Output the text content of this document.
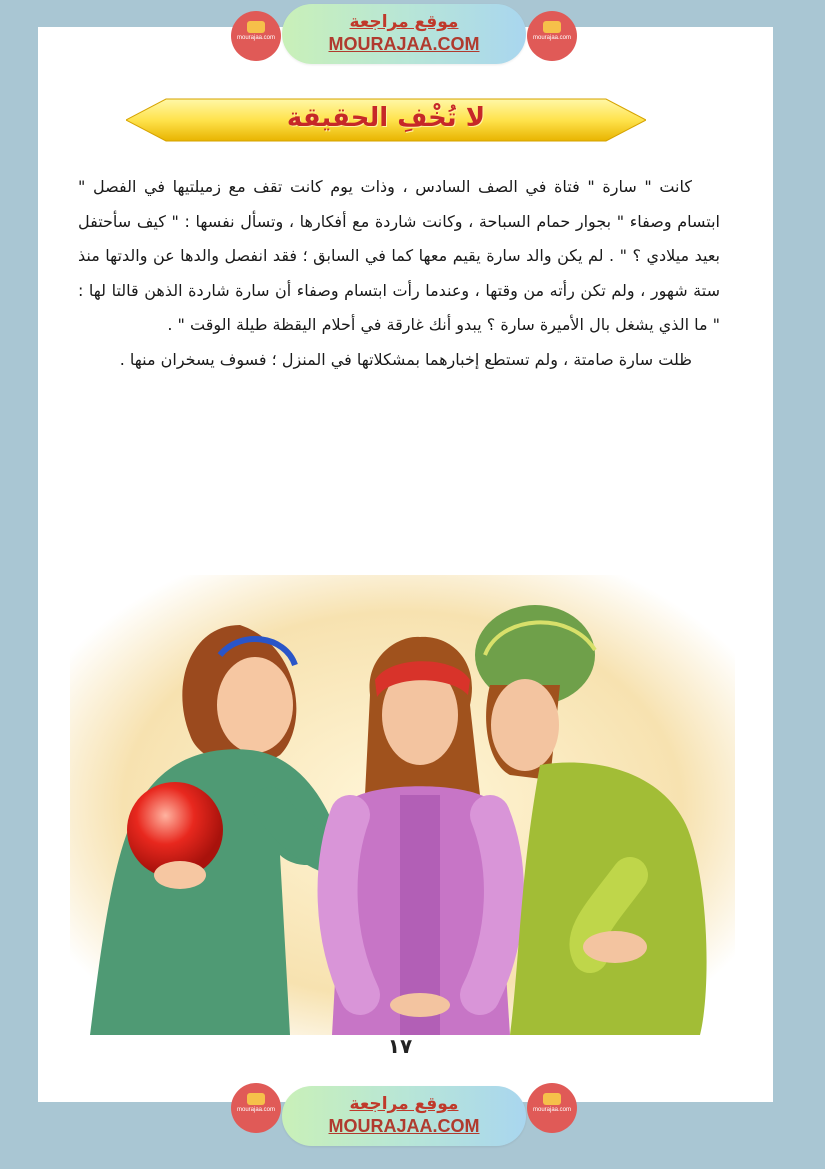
mourajaa.com
موقع مراجعة
MOURAJAA.COM	mourajaa.com
لا تُخْفِ الحقيقة

كانت " سارة " فتاة في الصف السادس ، وذات يوم كانت تقف مع زميلتيها في الفصل " ابتسام وصفاء " بجوار حمام السباحة ، وكانت شاردة مع أفكارها ، وتسأل نفسها : " كيف سأحتفل بعيد ميلادي ؟ " . لم يكن والد سارة يقيم معها كما في السابق ؛ فقد انفصل والدها عن والدتها منذ ستة شهور ، ولم تكن رأته من وقتها ، وعندما رأت ابتسام وصفاء أن سارة شاردة الذهن قالتا لها : " ما الذي يشغل بال الأميرة سارة ؟ يبدو أنك غارقة في أحلام اليقظة طيلة الوقت " .

ظلت سارة صامتة ، ولم تستطع إخبارهما بمشكلاتها في المنزل ؛ فسوف يسخران منها .

١٧
mourajaa.com	موقع مراجعة
MOURAJAA.COM
mourajaa.com
